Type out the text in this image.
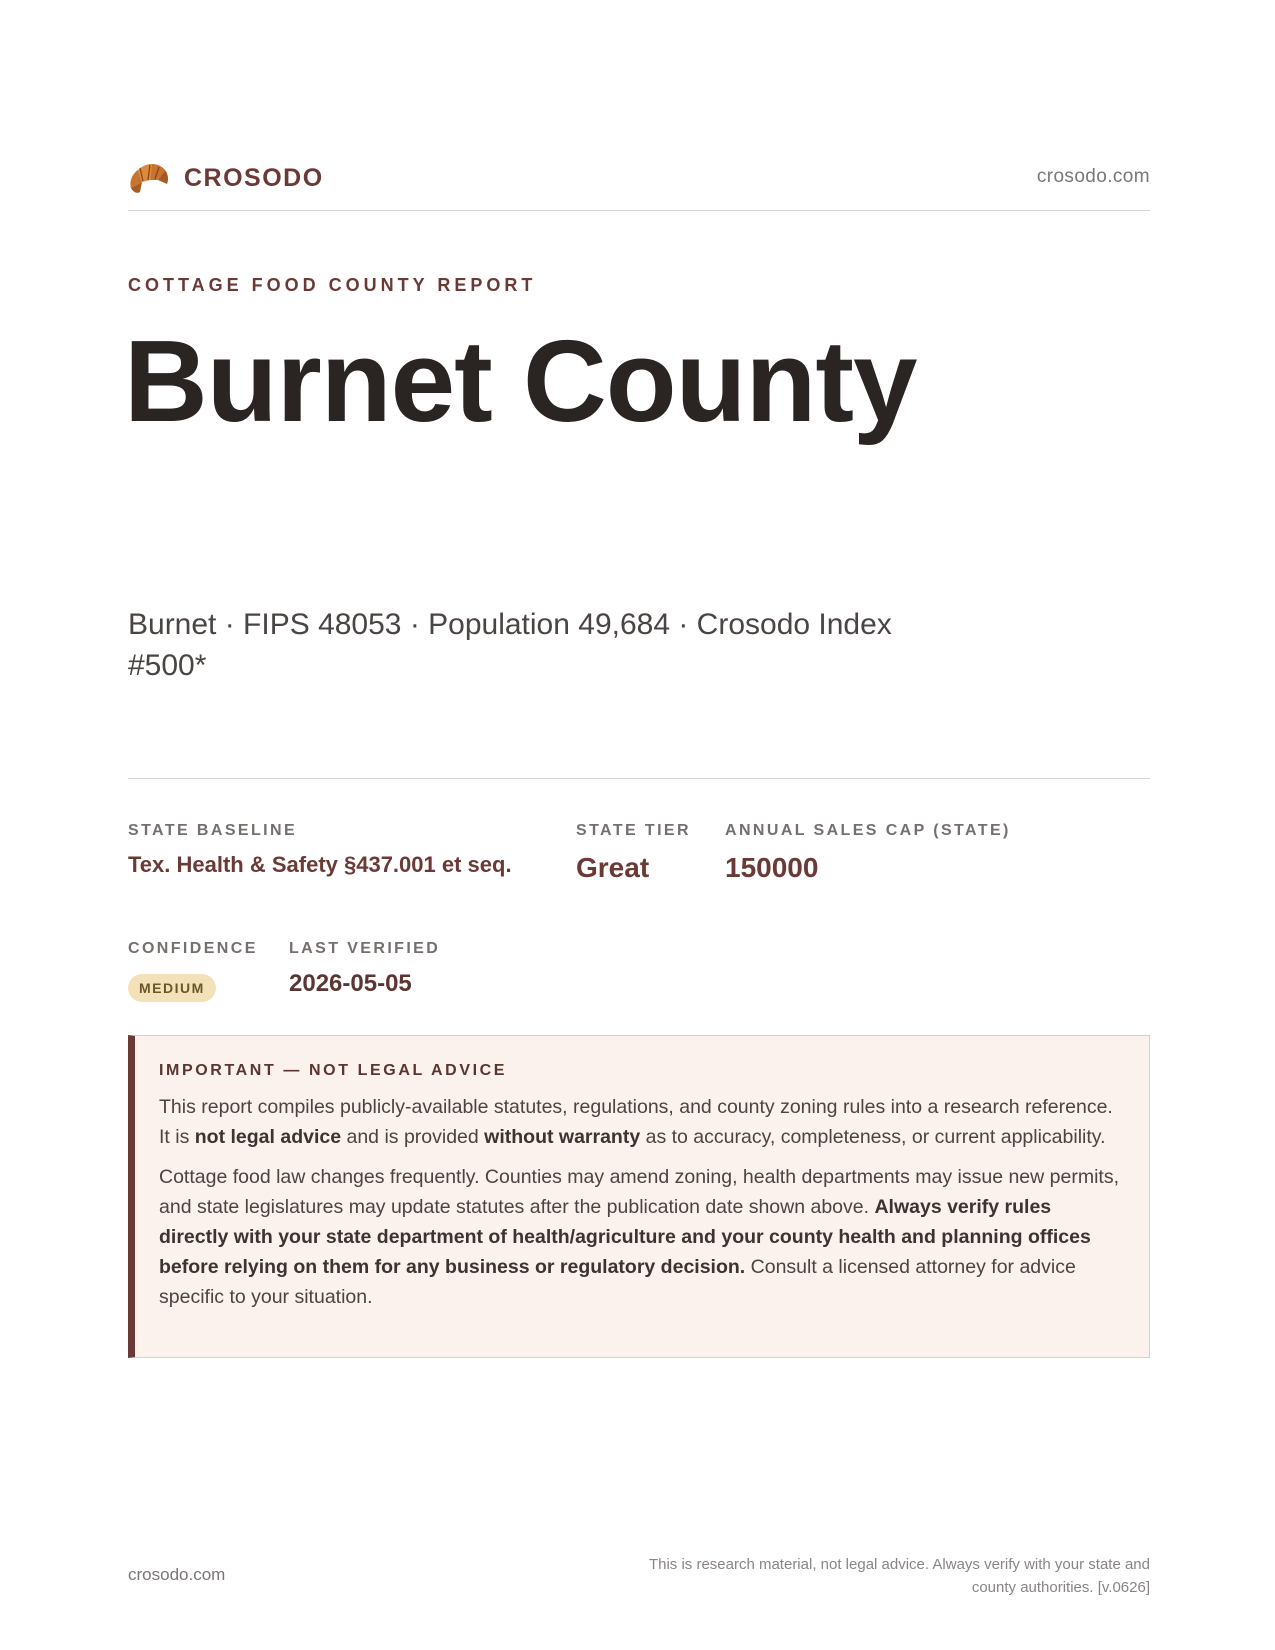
CROSODO	crosodo.com
COTTAGE FOOD COUNTY REPORT
Burnet County
Burnet · FIPS 48053 · Population 49,684 · Crosodo Index #500*
STATE BASELINE
Tex. Health & Safety §437.001 et seq.
STATE TIER
Great
ANNUAL SALES CAP (STATE)
150000
CONFIDENCE
MEDIUM
LAST VERIFIED
2026-05-05
IMPORTANT — NOT LEGAL ADVICE

This report compiles publicly-available statutes, regulations, and county zoning rules into a research reference. It is not legal advice and is provided without warranty as to accuracy, completeness, or current applicability.

Cottage food law changes frequently. Counties may amend zoning, health departments may issue new permits, and state legislatures may update statutes after the publication date shown above. Always verify rules directly with your state department of health/agriculture and your county health and planning offices before relying on them for any business or regulatory decision. Consult a licensed attorney for advice specific to your situation.

crosodo.com
This is research material, not legal advice. Always verify with your state and county authorities. [v.0626]
